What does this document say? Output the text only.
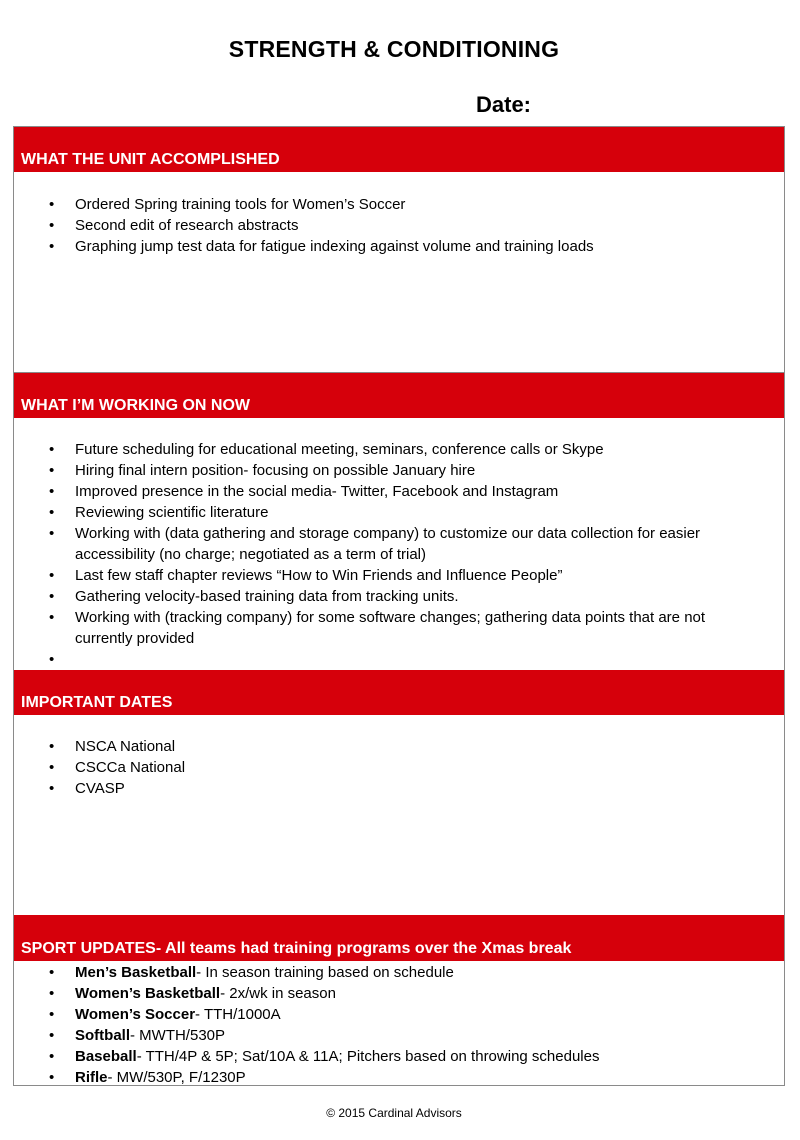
STRENGTH & CONDITIONING
Date:
WHAT THE UNIT ACCOMPLISHED
• Ordered Spring training tools for Women’s Soccer
• Second edit of research abstracts
• Graphing jump test data for fatigue indexing against volume and training loads
WHAT I’M WORKING ON NOW
• Future scheduling for educational meeting, seminars, conference calls or Skype
• Hiring final intern position- focusing on possible January hire
• Improved presence in the social media- Twitter, Facebook and Instagram
• Reviewing scientific literature
• Working with (data gathering and storage company) to customize our data collection for easier accessibility (no charge; negotiated as a term of trial)
• Last few staff chapter reviews “How to Win Friends and Influence People”
• Gathering velocity-based training data from tracking units.
• Working with (tracking company) for some software changes; gathering data points that are not currently provided
•
IMPORTANT DATES
• NSCA National
• CSCCa National
• CVASP
SPORT UPDATES- All teams had training programs over the Xmas break
• Men’s Basketball- In season training based on schedule
• Women’s Basketball- 2x/wk in season
• Women’s Soccer- TTH/1000A
• Softball- MWTH/530P
• Baseball- TTH/4P & 5P; Sat/10A & 11A; Pitchers based on throwing schedules
• Rifle- MW/530P, F/1230P
© 2015 Cardinal Advisors
